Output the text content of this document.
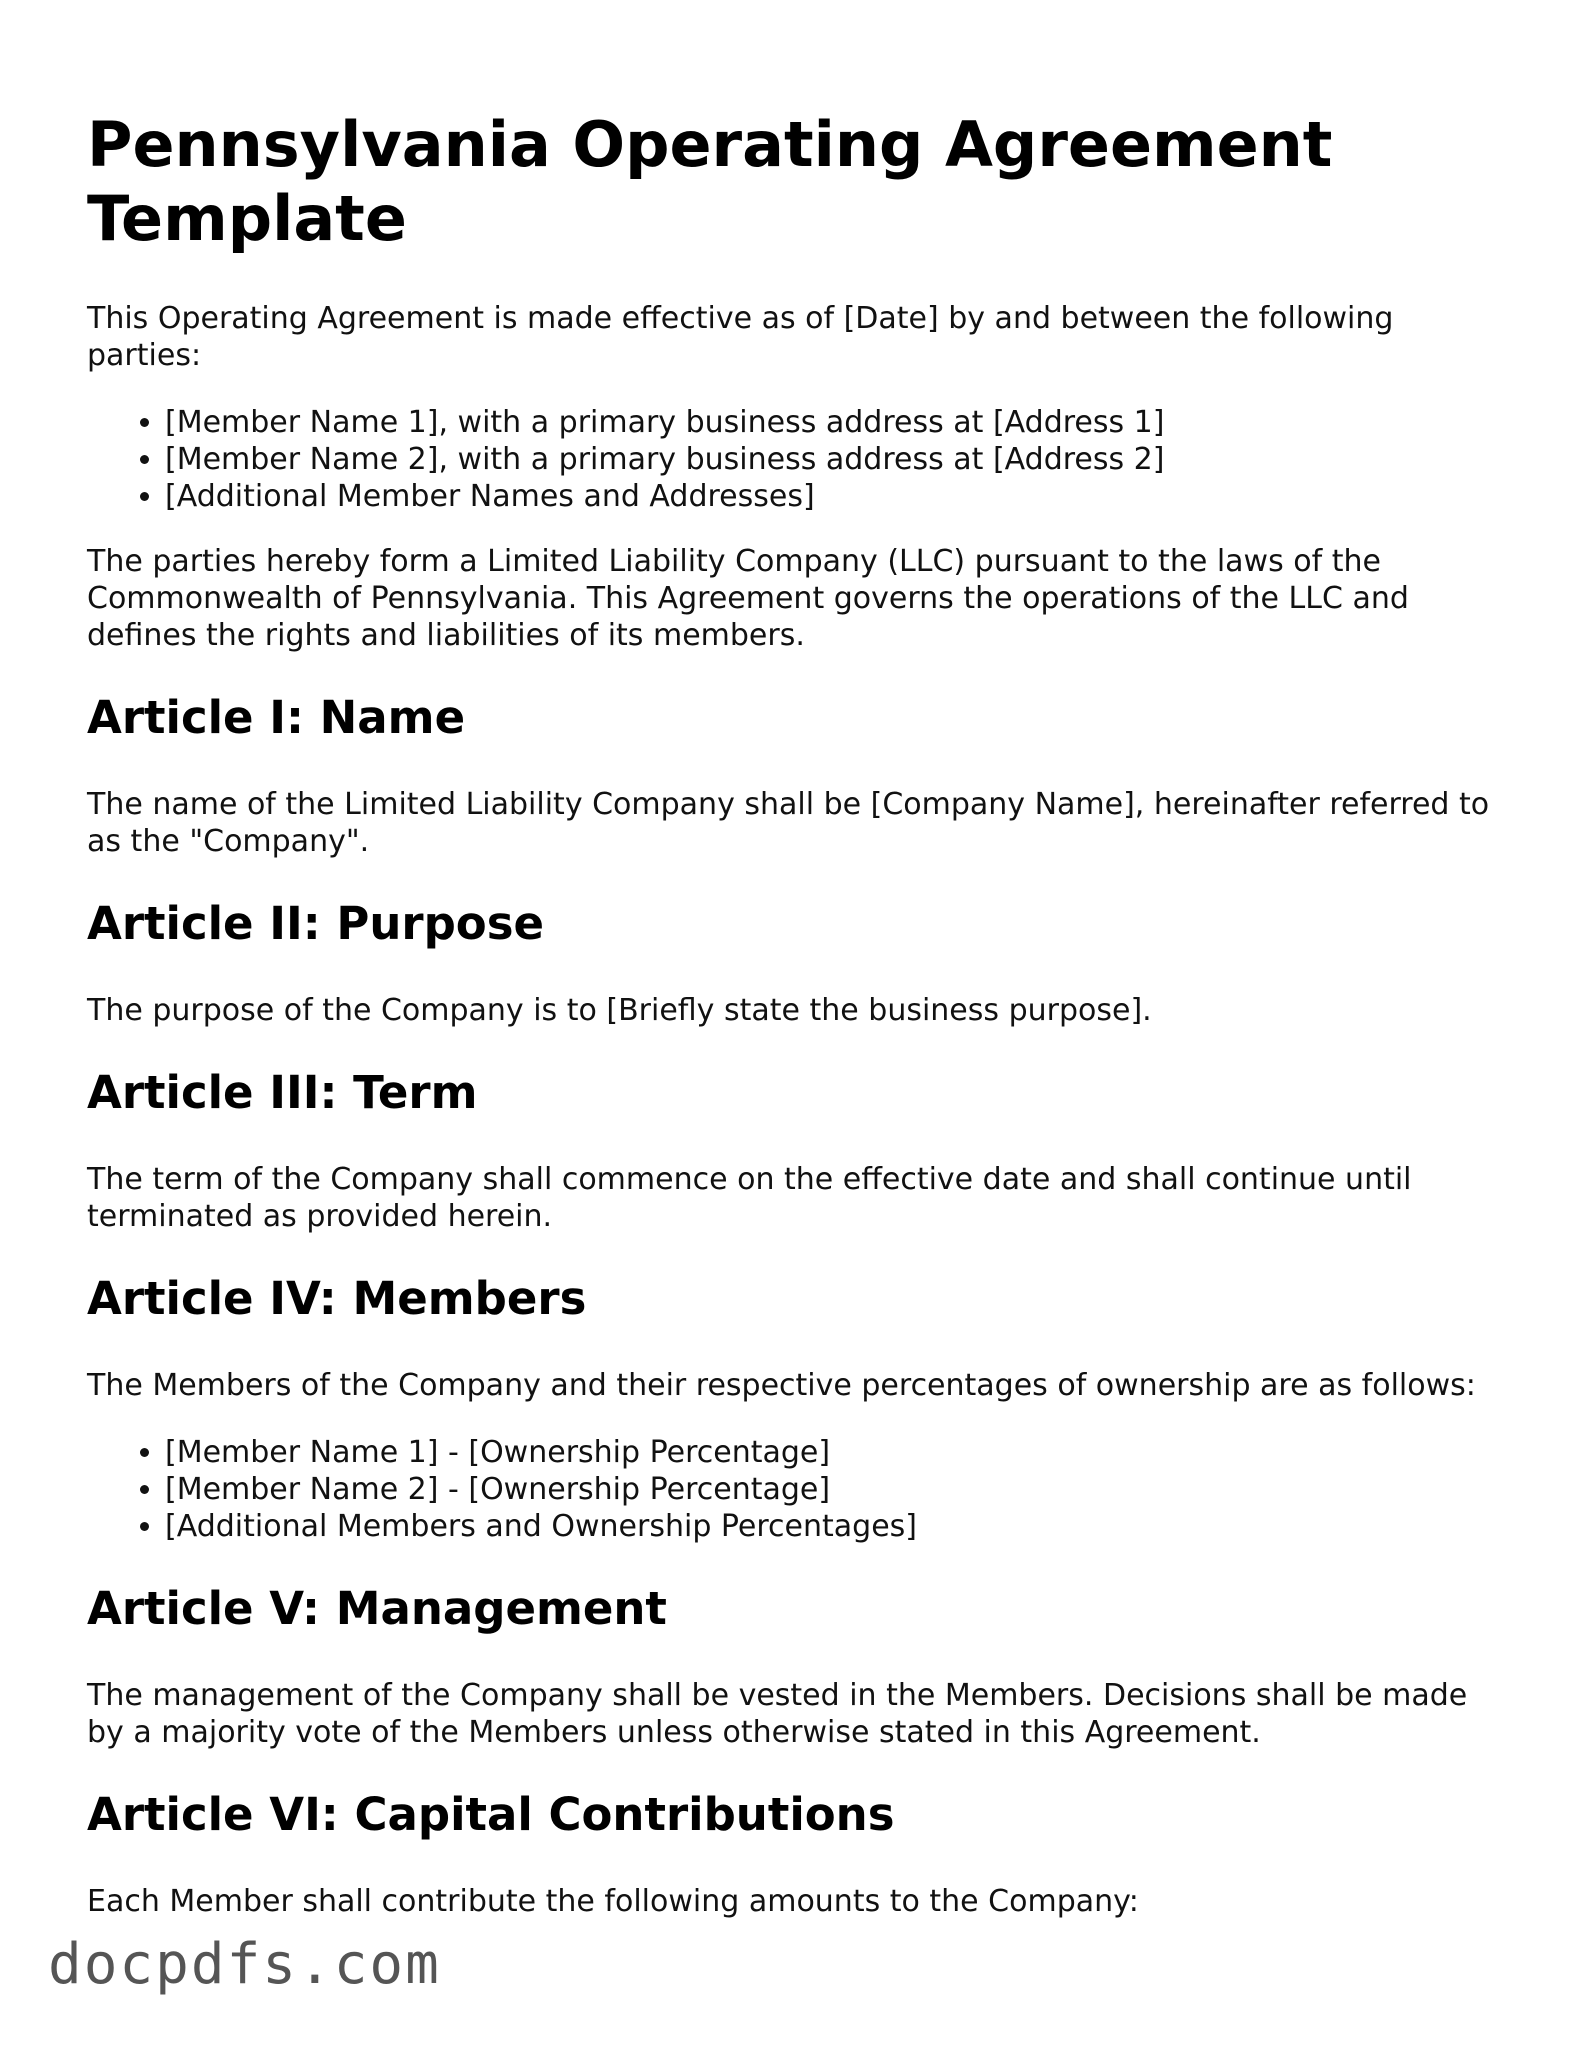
Pennsylvania Operating Agreement Template

This Operating Agreement is made effective as of [Date] by and between the following parties:

• [Member Name 1], with a primary business address at [Address 1]
• [Member Name 2], with a primary business address at [Address 2]
• [Additional Member Names and Addresses]

The parties hereby form a Limited Liability Company (LLC) pursuant to the laws of the Commonwealth of Pennsylvania. This Agreement governs the operations of the LLC and defines the rights and liabilities of its members.

Article I: Name

The name of the Limited Liability Company shall be [Company Name], hereinafter referred to as the "Company".

Article II: Purpose

The purpose of the Company is to [Briefly state the business purpose].

Article III: Term

The term of the Company shall commence on the effective date and shall continue until terminated as provided herein.

Article IV: Members

The Members of the Company and their respective percentages of ownership are as follows:

• [Member Name 1] - [Ownership Percentage]
• [Member Name 2] - [Ownership Percentage]
• [Additional Members and Ownership Percentages]
Article V: Management

The management of the Company shall be vested in the Members. Decisions shall be made by a majority vote of the Members unless otherwise stated in this Agreement.

Article VI: Capital Contributions

Each Member shall contribute the following amounts to the Company:

docpdfs.com
